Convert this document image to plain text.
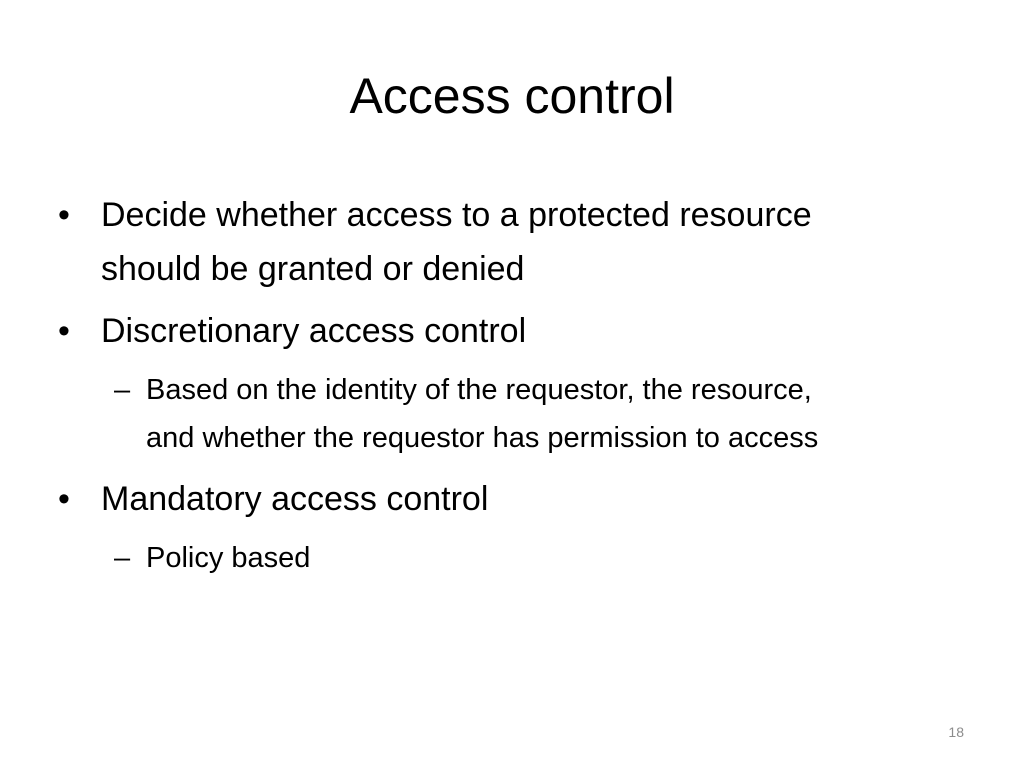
Access control
• Decide whether access to a protected resource should be granted or denied
• Discretionary access control
– Based on the identity of the requestor, the resource, and whether the requestor has permission to access
• Mandatory access control
– Policy based
18
